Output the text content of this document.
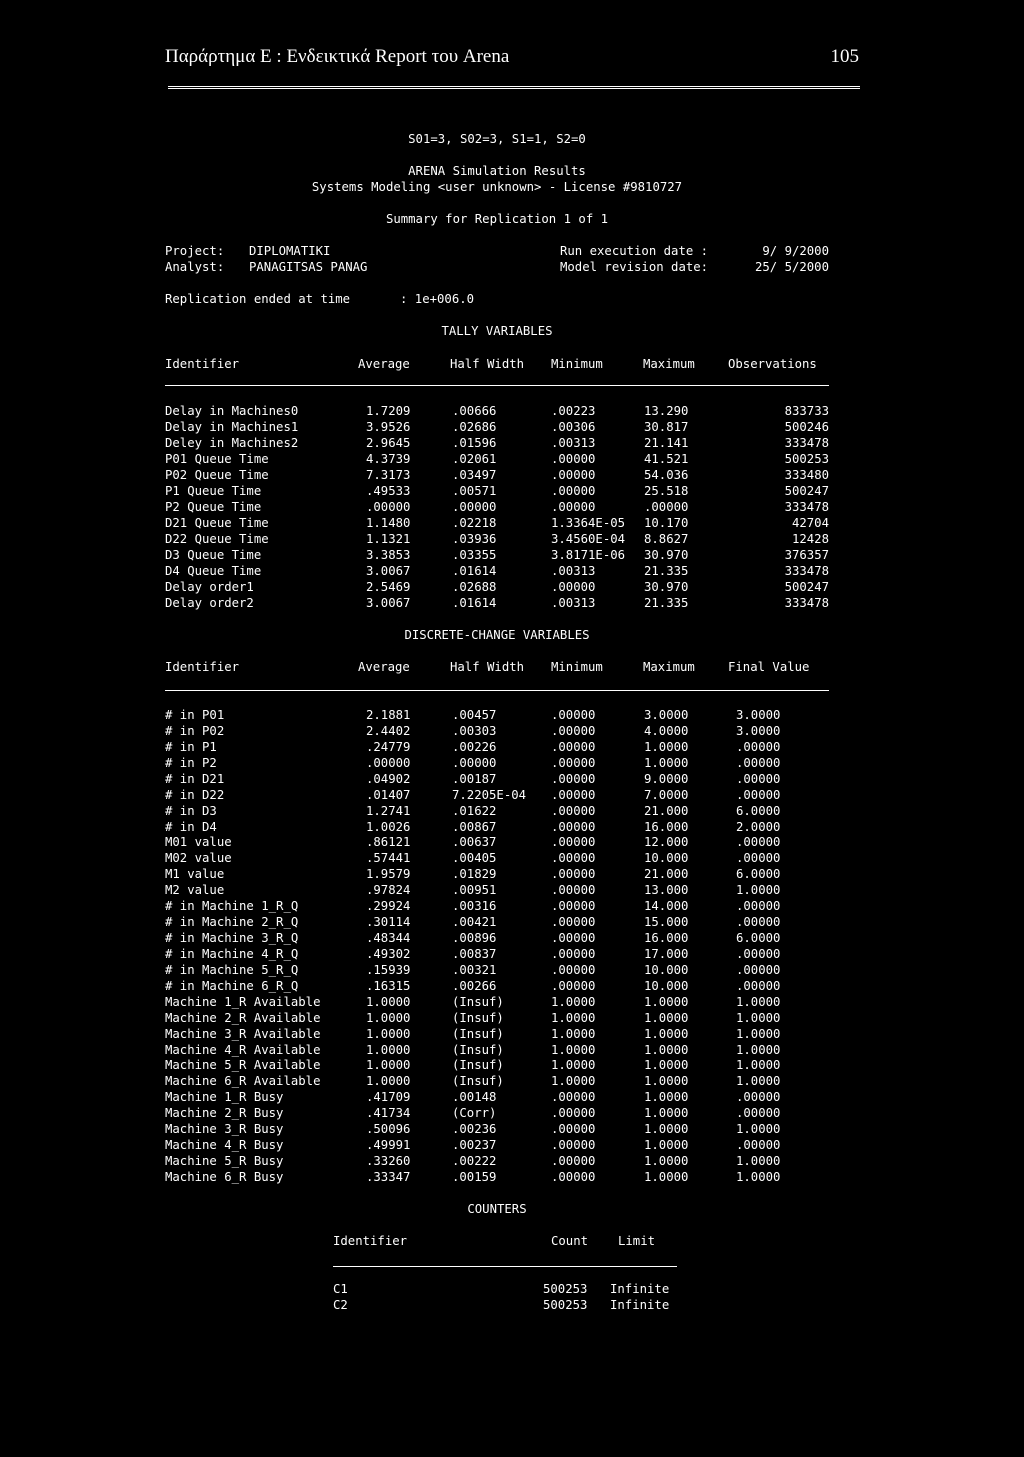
Παράρτημα Ε : Ενδεικτικά Report του Arena	105
S01=3, S02=3, S1=1, S2=0
ARENA Simulation Results
Systems Modeling <user unknown> - License #9810727
Summary for Replication 1 of 1
Project: DIPLOMATIKI
Analyst: PANAGITSAS PANAG
Run execution date :	9/ 9/2000
Model revision date:	25/ 5/2000
Replication ended at time	: 1e+006.0
TALLY VARIABLES
Identifier	Average	Half Width Minimum	Maximum	Observations
Delay in Machines0	1.7209	.00666	.00223	13.290	833733
Delay in Machines1	3.9526	.02686	.00306	30.817	500246
Deley in Machines2	2.9645	.01596	.00313	21.141	333478
P01 Queue Time	4.3739	.02061	.00000	41.521	500253
P02 Queue Time	7.3173	.03497	.00000	54.036	333480
P1 Queue Time	.49533	.00571	.00000	25.518	500247
P2 Queue Time	.00000	.00000	.00000	.00000	333478
D21 Queue Time	1.1480	.02218	1.3364E-05 10.170	42704
D22 Queue Time	1.1321	.03936	3.4560E-04 8.8627	12428
D3 Queue Time	3.3853	.03355	3.8171E-06 30.970	376357
D4 Queue Time	3.0067	.01614	.00313	21.335	333478
Delay order1	2.5469	.02688	.00000	30.970	500247
Delay order2	3.0067	.01614	.00313	21.335	333478
DISCRETE-CHANGE VARIABLES
Identifier	Average	Half Width Minimum	Maximum	Final Value
# in P01	2.1881	.00457	.00000	3.0000	3.0000
# in P02	2.4402	.00303	.00000	4.0000	3.0000
# in P1	.24779	.00226	.00000	1.0000	.00000
# in P2	.00000	.00000	.00000	1.0000	.00000
# in D21	.04902	.00187	.00000	9.0000	.00000
# in D22	.01407	7.2205E-04 .00000	7.0000	.00000
# in D3	1.2741	.01622	.00000	21.000	6.0000
# in D4	1.0026	.00867	.00000	16.000	2.0000
M01 value	.86121	.00637	.00000	12.000	.00000
M02 value	.57441	.00405	.00000	10.000	.00000
M1 value	1.9579	.01829	.00000	21.000	6.0000
M2 value	.97824	.00951	.00000	13.000	1.0000
# in Machine 1_R_Q	.29924	.00316	.00000	14.000	.00000
# in Machine 2_R_Q	.30114	.00421	.00000	15.000	.00000
# in Machine 3_R_Q	.48344	.00896	.00000	16.000	6.0000
# in Machine 4_R_Q	.49302	.00837	.00000	17.000	.00000
# in Machine 5_R_Q	.15939	.00321	.00000	10.000	.00000
# in Machine 6_R_Q	.16315	.00266	.00000	10.000	.00000
Machine 1_R Available	1.0000	(Insuf)	1.0000	1.0000	1.0000
Machine 2_R Available	1.0000	(Insuf)	1.0000	1.0000	1.0000
Machine 3_R Available	1.0000	(Insuf)	1.0000	1.0000	1.0000
Machine 4_R Available	1.0000	(Insuf)	1.0000	1.0000	1.0000
Machine 5_R Available	1.0000	(Insuf)	1.0000	1.0000	1.0000
Machine 6_R Available	1.0000	(Insuf)	1.0000	1.0000	1.0000
Machine 1_R Busy	.41709	.00148	.00000	1.0000	.00000
Machine 2_R Busy	.41734	(Corr)	.00000	1.0000	.00000
Machine 3_R Busy	.50096	.00236	.00000	1.0000	1.0000
Machine 4_R Busy	.49991	.00237	.00000	1.0000	.00000
Machine 5_R Busy	.33260	.00222	.00000	1.0000	1.0000
Machine 6_R Busy	.33347	.00159	.00000	1.0000	1.0000
COUNTERS
Identifier	Count Limit
C1	500253 Infinite
C2	500253 Infinite
